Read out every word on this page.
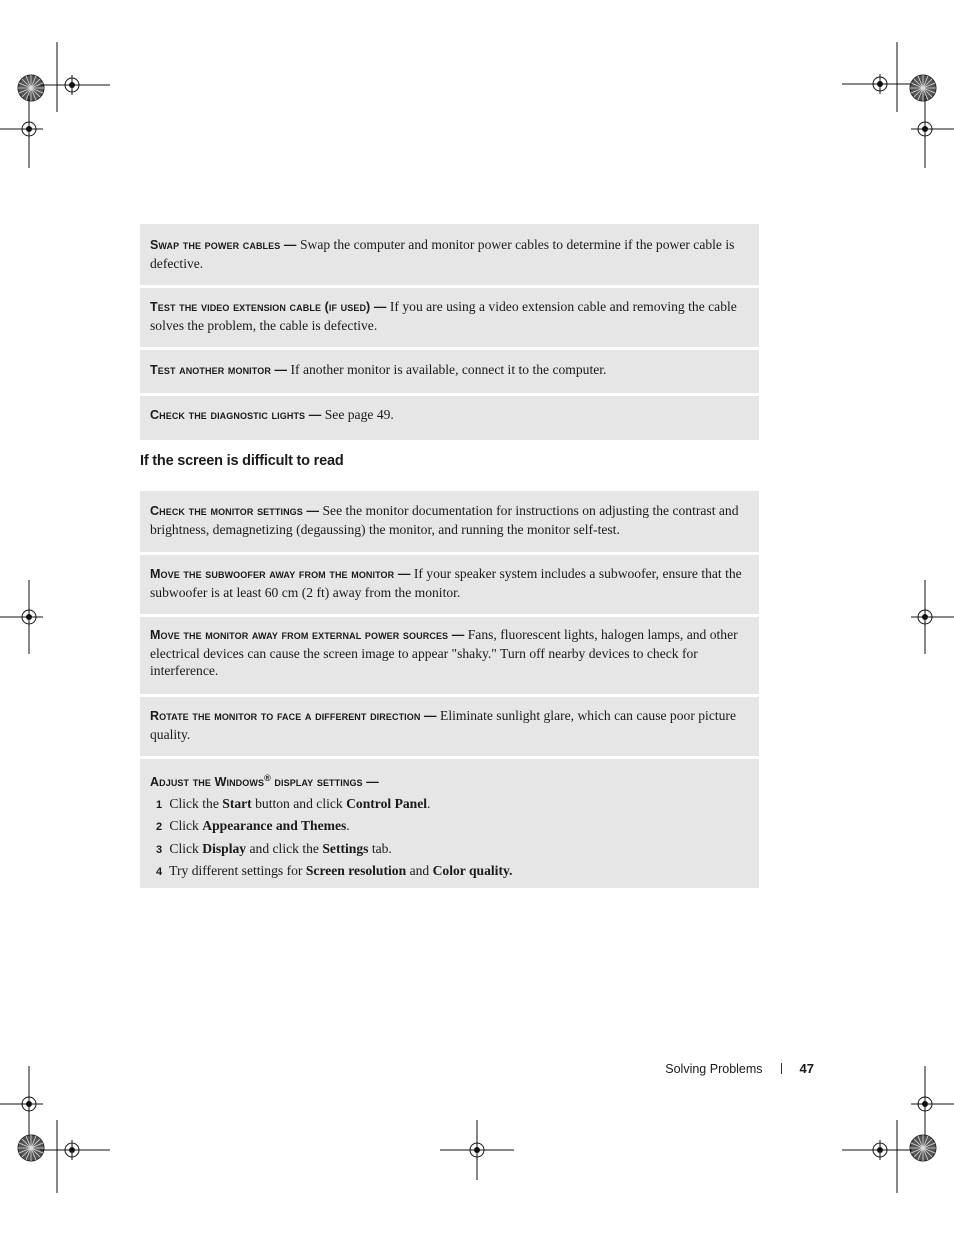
Swap the power cables — Swap the computer and monitor power cables to determine if the power cable is defective.

Test the video extension cable (if used) — If you are using a video extension cable and removing the cable solves the problem, the cable is defective.

Test another monitor — If another monitor is available, connect it to the computer.

Check the diagnostic lights — See page 49.

If the screen is difficult to read

Check the monitor settings — See the monitor documentation for instructions on adjusting the contrast and brightness, demagnetizing (degaussing) the monitor, and running the monitor self-test.

Move the subwoofer away from the monitor — If your speaker system includes a subwoofer, ensure that the subwoofer is at least 60 cm (2 ft) away from the monitor.

Move the monitor away from external power sources — Fans, fluorescent lights, halogen lamps, and other electrical devices can cause the screen image to appear "shaky." Turn off nearby devices to check for interference.

Rotate the monitor to face a different direction — Eliminate sunlight glare, which can cause poor picture quality.

Adjust the Windows® display settings —

1 Click the Start button and click Control Panel.
2 Click Appearance and Themes.
3 Click Display and click the Settings tab.
4 Try different settings for Screen resolution and Color quality.
Solving Problems	47
